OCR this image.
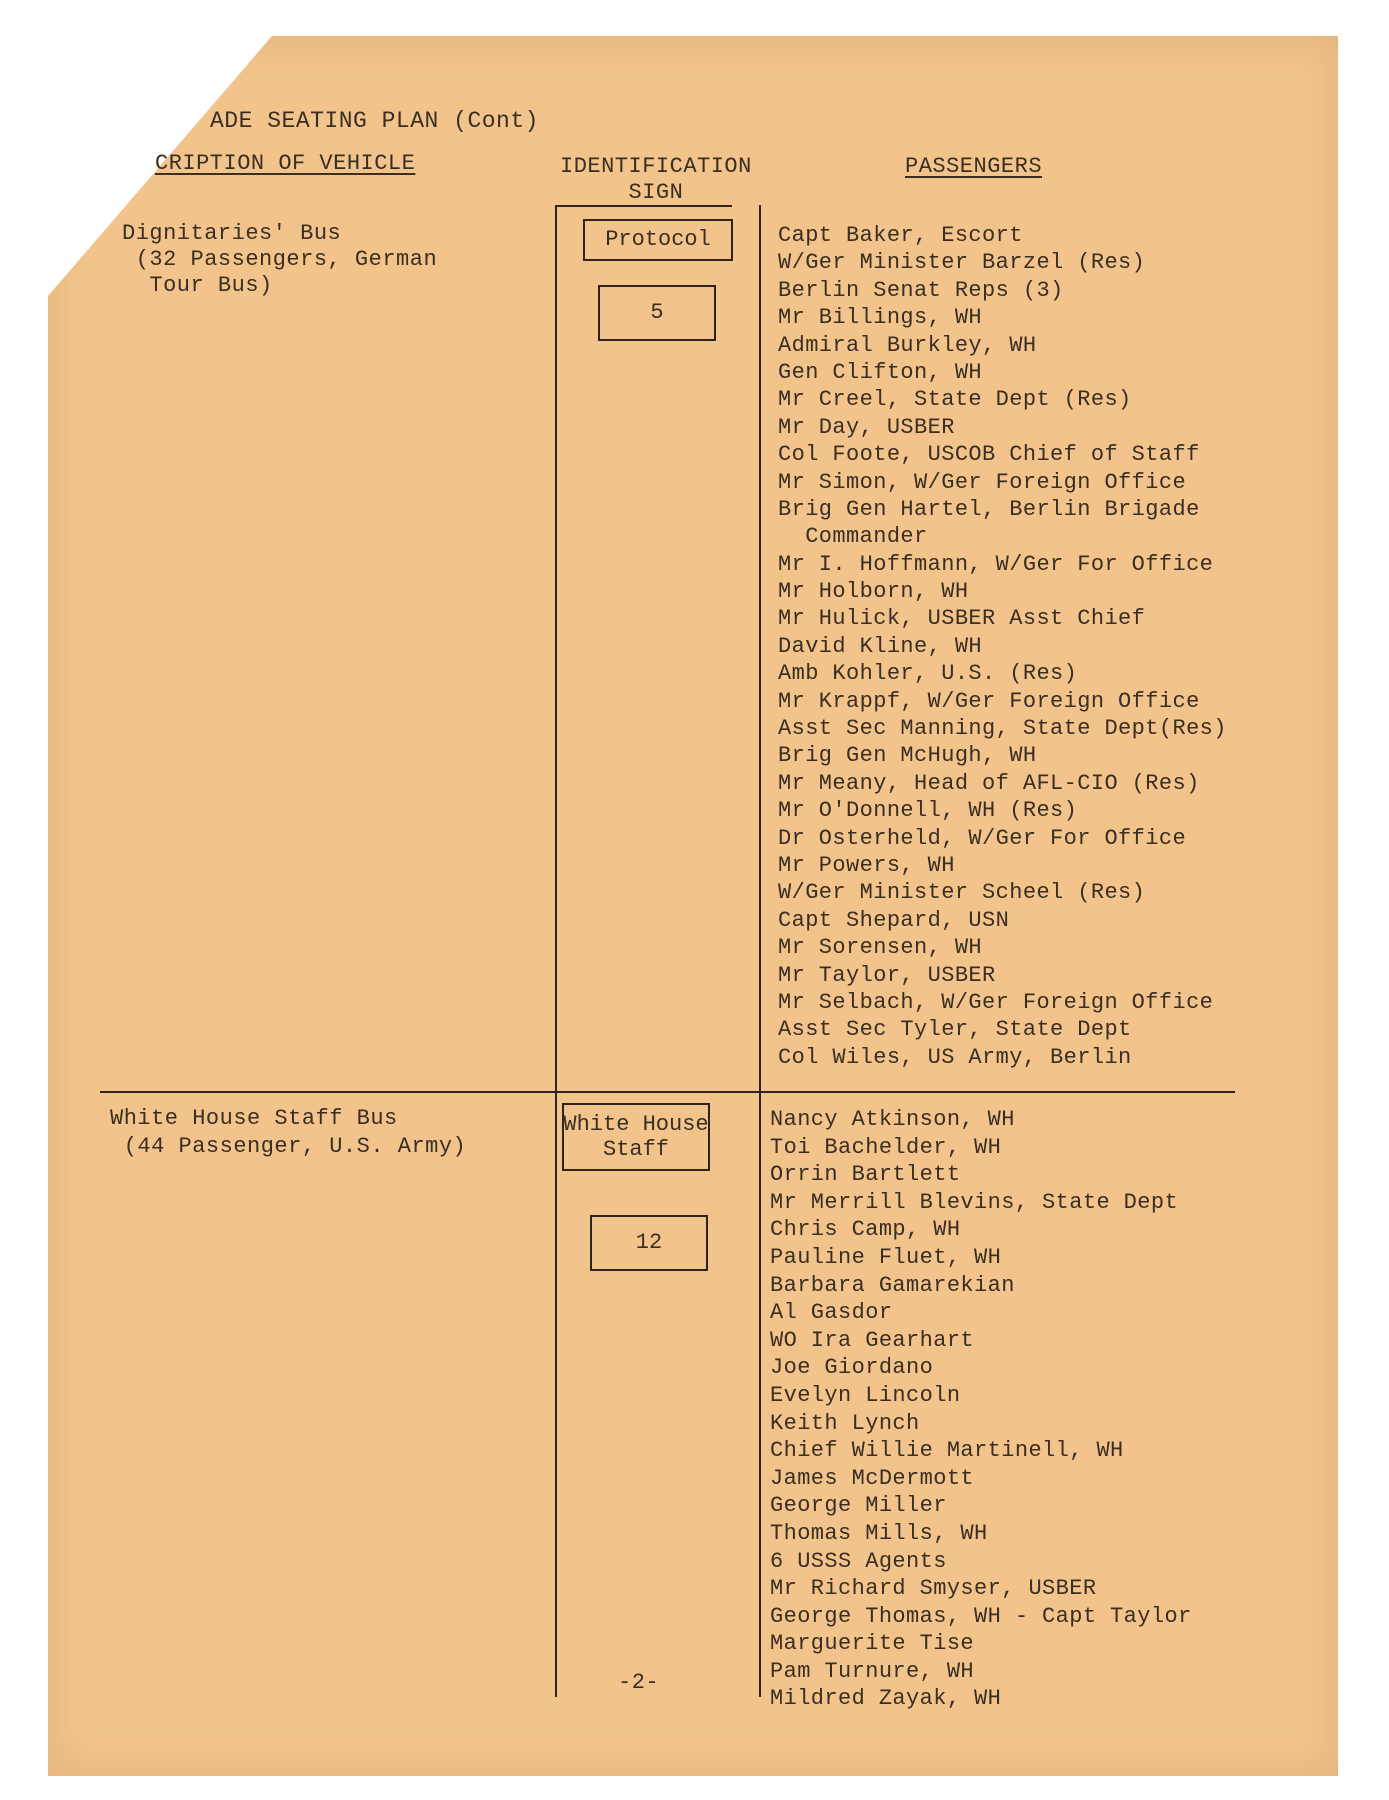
ADE SEATING PLAN (Cont)
CRIPTION OF VEHICLE	IDENTIFICATION
SIGN
PASSENGERS
Dignitaries' Bus
(32 Passengers, German
Tour Bus)
Protocol
5
Capt Baker, Escort
W/Ger Minister Barzel (Res)
Berlin Senat Reps (3)
Mr Billings, WH
Admiral Burkley, WH
Gen Clifton, WH
Mr Creel, State Dept (Res)
Mr Day, USBER
Col Foote, USCOB Chief of Staff
Mr Simon, W/Ger Foreign Office
Brig Gen Hartel, Berlin Brigade
Commander
Mr I. Hoffmann, W/Ger For Office
Mr Holborn, WH
Mr Hulick, USBER Asst Chief
David Kline, WH
Amb Kohler, U.S. (Res)
Mr Krappf, W/Ger Foreign Office
Asst Sec Manning, State Dept(Res)
Brig Gen McHugh, WH
Mr Meany, Head of AFL-CIO (Res)
Mr O'Donnell, WH (Res)
Dr Osterheld, W/Ger For Office
Mr Powers, WH
W/Ger Minister Scheel (Res)
Capt Shepard, USN
Mr Sorensen, WH
Mr Taylor, USBER
Mr Selbach, W/Ger Foreign Office
Asst Sec Tyler, State Dept
Col Wiles, US Army, Berlin
White House Staff Bus
(44 Passenger, U.S. Army)
White House
Staff
12
Nancy Atkinson, WH
Toi Bachelder, WH
Orrin Bartlett
Mr Merrill Blevins, State Dept
Chris Camp, WH
Pauline Fluet, WH
Barbara Gamarekian
Al Gasdor
WO Ira Gearhart
Joe Giordano
Evelyn Lincoln
Keith Lynch
Chief Willie Martinell, WH
James McDermott
George Miller
Thomas Mills, WH
6 USSS Agents
Mr Richard Smyser, USBER
George Thomas, WH - Capt Taylor
Marguerite Tise
Pam Turnure, WH
Mildred Zayak, WH
-2-
